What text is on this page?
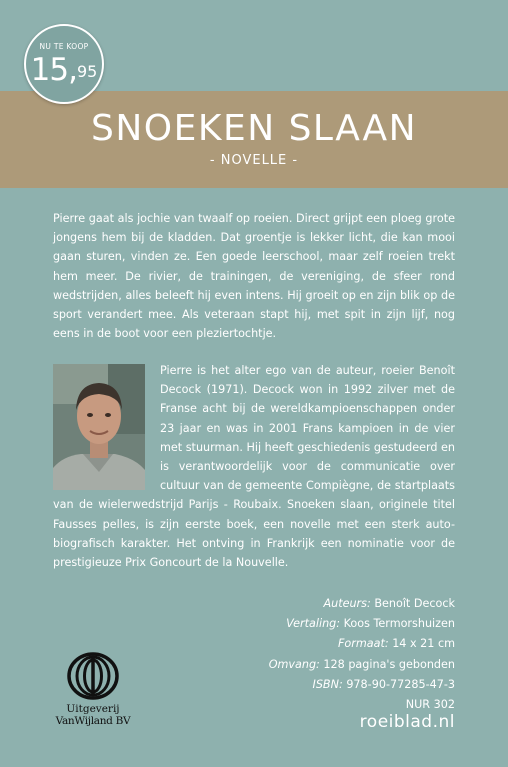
NU TE KOOP
15,95
SNOEKEN SLAAN
- NOVELLE -

Pierre gaat als jochie van twaalf op roeien. Direct grijpt een ploeg grote jongens hem bij de kladden. Dat groentje is lekker licht, die kan mooi gaan sturen, vinden ze. Een goede leerschool, maar zelf roeien trekt hem meer. De rivier, de trainingen, de vereniging, de sfeer rond wedstrijden, alles beleeft hij even intens. Hij groeit op en zijn blik op de sport verandert mee. Als veteraan stapt hij, met spit in zijn lijf, nog eens in de boot voor een pleziertochtje.

Pierre is het alter ego van de auteur, roeier Benoît Decock (1971). Decock won in 1992 zilver met de Franse acht bij de wereldkampioenschappen onder 23 jaar en was in 2001 Frans kampioen in de vier met stuurman. Hij heeft geschiedenis gestudeerd en is verantwoordelijk voor de communicatie over cultuur van de gemeente Compiègne, de startplaats van de wielerwedstrijd Parijs - Roubaix. Snoeken slaan, originele titel Fausses pelles, is zijn eerste boek, een novelle met een sterk auto-biografisch karakter. Het ontving in Frankrijk een nominatie voor de prestigieuze Prix Goncourt de la Nouvelle.

Auteurs: Benoît Decock
Vertaling: Koos Termorshuizen
Formaat: 14 x 21 cm
Omvang: 128 pagina's gebonden
ISBN: 978-90-77285-47-3
NUR 302
roeiblad.nl
Uitgeverij
VanWijland BV
